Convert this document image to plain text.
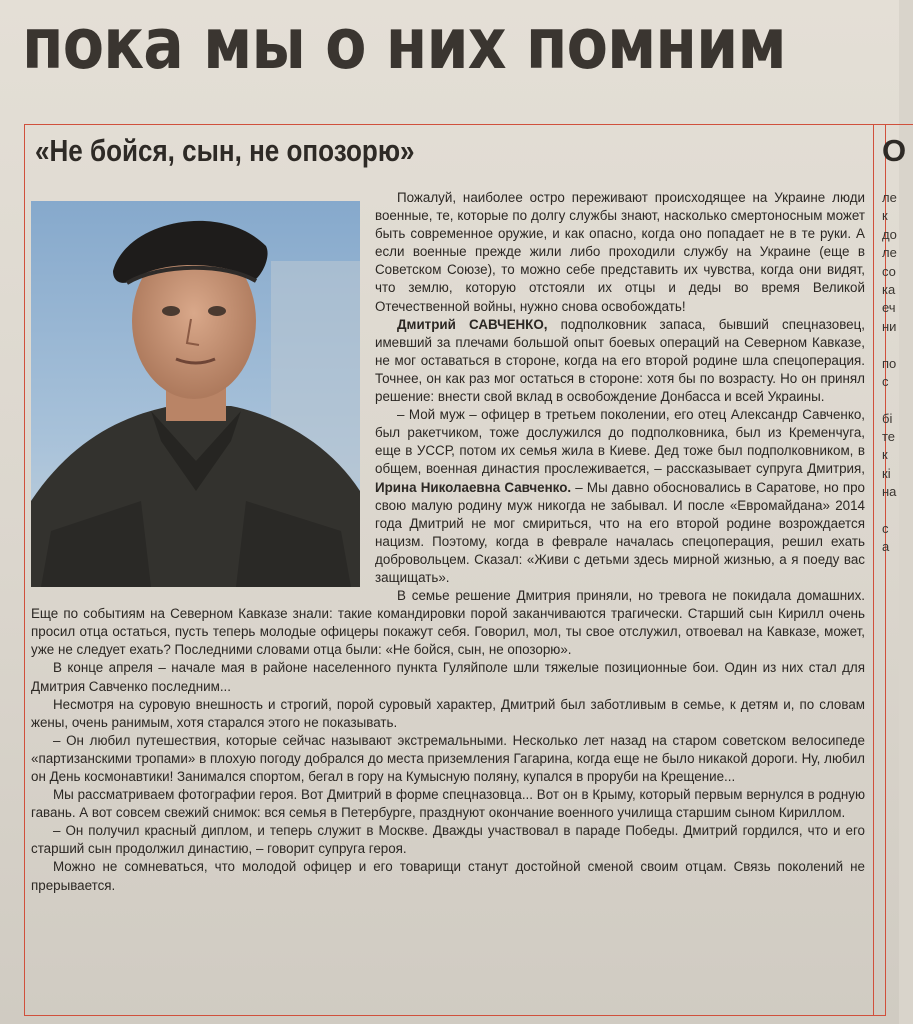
пока мы о них помним
«Не бойся, сын, не опозорю»

Пожалуй, наиболее остро переживают происходящее на Украине люди военные, те, которые по долгу службы знают, насколько смертоносным может быть современное оружие, и как опасно, когда оно попадает не в те руки. А если военные прежде жили либо проходили службу на Украине (еще в Советском Союзе), то можно себе представить их чувства, когда они видят, что землю, которую отстояли их отцы и деды во время Великой Отечественной войны, нужно снова освобождать!

Дмитрий САВЧЕНКО, подполковник запаса, бывший спецназовец, имевший за плечами большой опыт боевых операций на Северном Кавказе, не мог оставаться в стороне, когда на его второй родине шла спецоперация. Точнее, он как раз мог остаться в стороне: хотя бы по возрасту. Но он принял решение: внести свой вклад в освобождение Донбасса и всей Украины.

– Мой муж – офицер в третьем поколении, его отец Александр Савченко, был ракетчиком, тоже дослужился до подполковника, был из Кременчуга, еще в УССР, потом их семья жила в Киеве. Дед тоже был подполковником, в общем, военная династия прослеживается, – рассказывает супруга Дмитрия, Ирина Николаевна Савченко. – Мы давно обосновались в Саратове, но про свою малую родину муж никогда не забывал. И после «Евромайдана» 2014 года Дмитрий не мог смириться, что на его второй родине возрождается нацизм. Поэтому, когда в феврале началась спецоперация, решил ехать добровольцем. Сказал: «Живи с детьми здесь мирной жизнью, а я поеду вас защищать».

В семье решение Дмитрия приняли, но тревога не покидала домашних. Еще по событиям на Северном Кавказе знали: такие командировки порой заканчиваются трагически. Старший сын Кирилл очень просил отца остаться, пусть теперь молодые офицеры покажут себя. Говорил, мол, ты свое отслужил, отвоевал на Кавказе, может, уже не следует ехать? Последними словами отца были: «Не бойся, сын, не опозорю».

В конце апреля – начале мая в районе населенного пункта Гуляйполе шли тяжелые позиционные бои. Один из них стал для Дмитрия Савченко последним...

Несмотря на суровую внешность и строгий, порой суровый характер, Дмитрий был заботливым в семье, к детям и, по словам жены, очень ранимым, хотя старался этого не показывать.

– Он любил путешествия, которые сейчас называют экстремальными. Несколько лет назад на старом советском велосипеде «партизанскими тропами» в плохую погоду добрался до места приземления Гагарина, когда еще не было никакой дороги. Ну, любил он День космонавтики! Занимался спортом, бегал в гору на Кумысную поляну, купался в проруби на Крещение...

Мы рассматриваем фотографии героя. Вот Дмитрий в форме спецназовца... Вот он в Крыму, который первым вернулся в родную гавань. А вот совсем свежий снимок: вся семья в Петербурге, празднуют окончание военного училища старшим сыном Кириллом.

– Он получил красный диплом, и теперь служит в Москве. Дважды участвовал в параде Победы. Дмитрий гордился, что и его старший сын продолжил династию, – говорит супруга героя.

Можно не сомневаться, что молодой офицер и его товарищи станут достойной сменой своим отцам. Связь поколений не прерывается.

О
ле
к
до
ле
со
ка
еч
ни
по
с
бі
те
к
кі
на
с
а
